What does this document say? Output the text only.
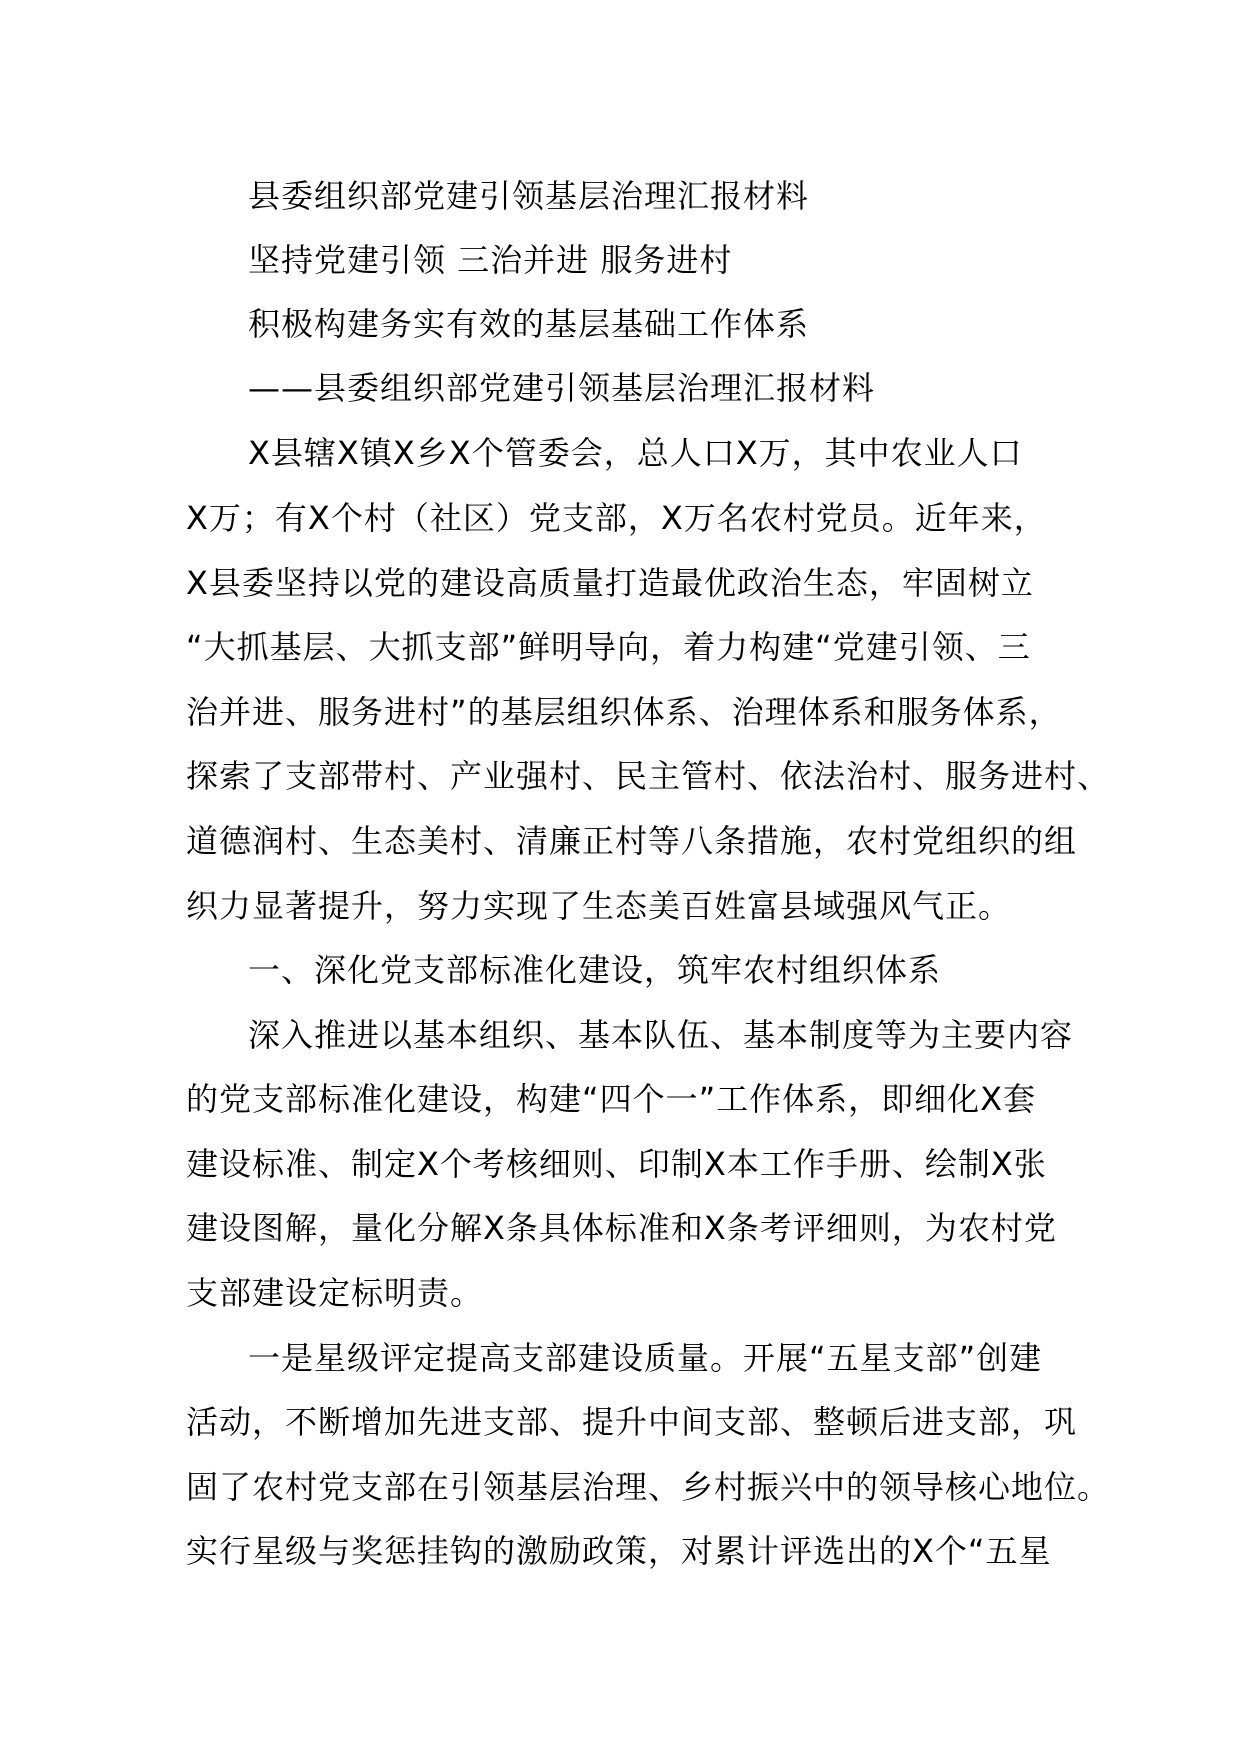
县委组织部党建引领基层治理汇报材料
坚持党建引领 三治并进 服务进村
积极构建务实有效的基层基础工作体系
——县委组织部党建引领基层治理汇报材料
X县辖X镇X乡X个管委会，总人口X万，其中农业人口
X万；有X个村（社区）党支部，X万名农村党员。近年来，
X县委坚持以党的建设高质量打造最优政治生态，牢固树立
“大抓基层、大抓支部”鲜明导向，着力构建“党建引领、三
治并进、服务进村”的基层组织体系、治理体系和服务体系，
探索了支部带村、产业强村、民主管村、依法治村、服务进村、
道德润村、生态美村、清廉正村等八条措施，农村党组织的组
织力显著提升，努力实现了生态美百姓富县域强风气正。
一、深化党支部标准化建设，筑牢农村组织体系
深入推进以基本组织、基本队伍、基本制度等为主要内容
的党支部标准化建设，构建“四个一”工作体系，即细化X套
建设标准、制定X个考核细则、印制X本工作手册、绘制X张
建设图解，量化分解X条具体标准和X条考评细则，为农村党
支部建设定标明责。
一是星级评定提高支部建设质量。开展“五星支部”创建
活动，不断增加先进支部、提升中间支部、整顿后进支部，巩
固了农村党支部在引领基层治理、乡村振兴中的领导核心地位。
实行星级与奖惩挂钩的激励政策，对累计评选出的X个“五星
